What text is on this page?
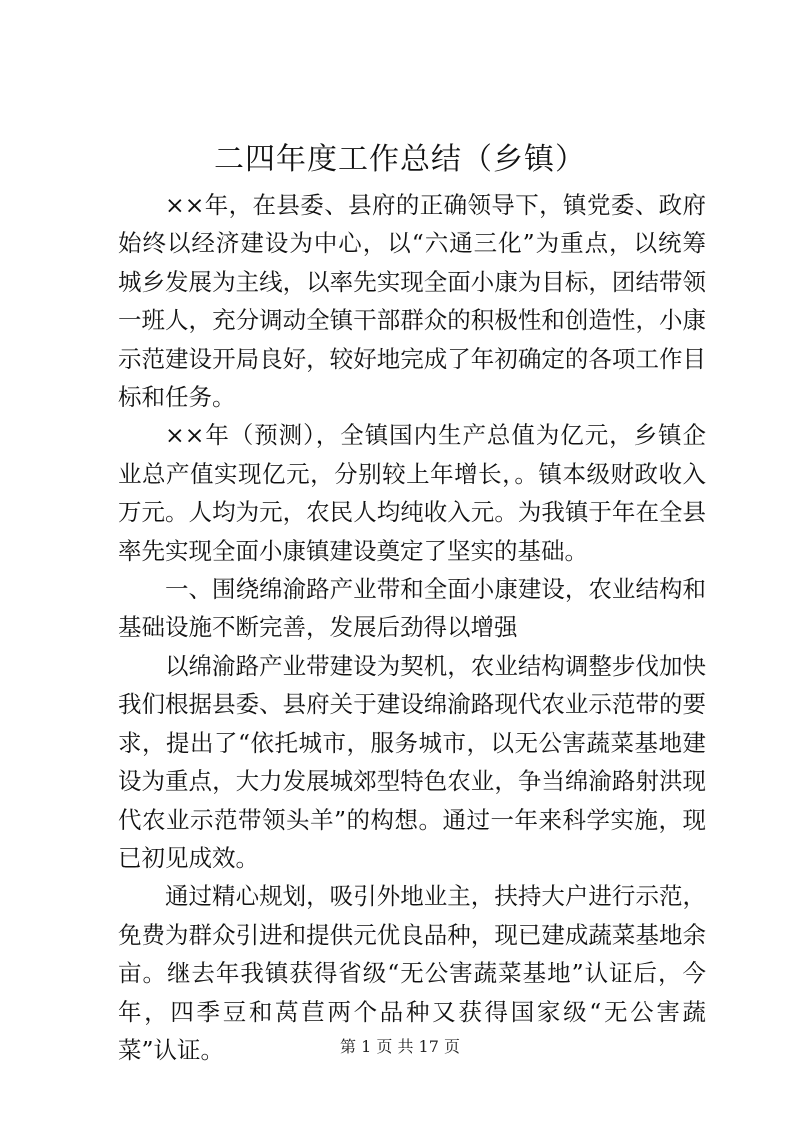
二四年度工作总结（乡镇）

××年，在县委、县府的正确领导下，镇党委、政府始终以经济建设为中心，以“六通三化”为重点，以统筹城乡发展为主线，以率先实现全面小康为目标，团结带领一班人，充分调动全镇干部群众的积极性和创造性，小康示范建设开局良好，较好地完成了年初确定的各项工作目标和任务。

××年（预测），全镇国内生产总值为亿元，乡镇企业总产值实现亿元，分别较上年增长，。镇本级财政收入万元。人均为元，农民人均纯收入元。为我镇于年在全县率先实现全面小康镇建设奠定了坚实的基础。

一、围绕绵渝路产业带和全面小康建设，农业结构和基础设施不断完善，发展后劲得以增强

以绵渝路产业带建设为契机，农业结构调整步伐加快我们根据县委、县府关于建设绵渝路现代农业示范带的要求，提出了“依托城市，服务城市，以无公害蔬菜基地建设为重点，大力发展城郊型特色农业，争当绵渝路射洪现代农业示范带领头羊”的构想。通过一年来科学实施，现已初见成效。

通过精心规划，吸引外地业主，扶持大户进行示范，免费为群众引进和提供元优良品种，现已建成蔬菜基地余亩。继去年我镇获得省级“无公害蔬菜基地”认证后，今年，四季豆和莴苣两个品种又获得国家级“无公害蔬菜”认证。	第 1 页 共 17 页
